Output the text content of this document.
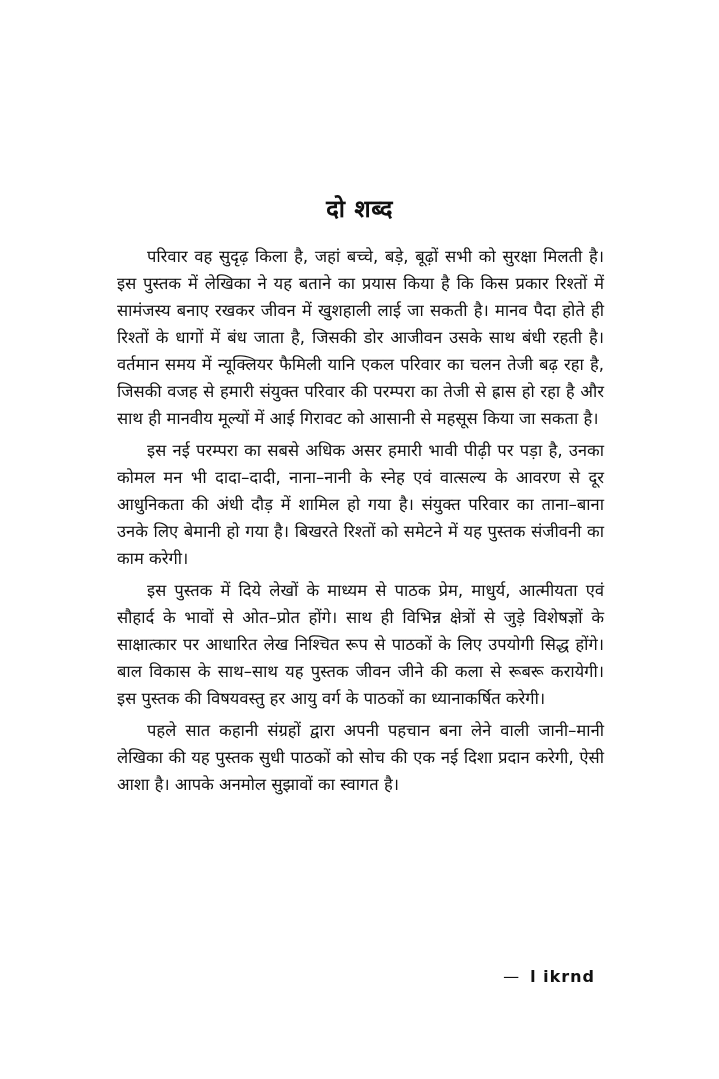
दो शब्द

परिवार वह सुदृढ़ किला है, जहां बच्चे, बड़े, बूढ़ों सभी को सुरक्षा मिलती है। इस पुस्तक में लेखिका ने यह बताने का प्रयास किया है कि किस प्रकार रिश्तों में सामंजस्य बनाए रखकर जीवन में खुशहाली लाई जा सकती है। मानव पैदा होते ही रिश्तों के धागों में बंध जाता है, जिसकी डोर आजीवन उसके साथ बंधी रहती है। वर्तमान समय में न्यूक्लियर फैमिली यानि एकल परिवार का चलन तेजी बढ़ रहा है, जिसकी वजह से हमारी संयुक्त परिवार की परम्परा का तेजी से ह्रास हो रहा है और साथ ही मानवीय मूल्यों में आई गिरावट को आसानी से महसूस किया जा सकता है।

इस नई परम्परा का सबसे अधिक असर हमारी भावी पीढ़ी पर पड़ा है, उनका कोमल मन भी दादा–दादी, नाना–नानी के स्नेह एवं वात्सल्य के आवरण से दूर आधुनिकता की अंधी दौड़ में शामिल हो गया है। संयुक्त परिवार का ताना–बाना उनके लिए बेमानी हो गया है। बिखरते रिश्तों को समेटने में यह पुस्तक संजीवनी का काम करेगी।

इस पुस्तक में दिये लेखों के माध्यम से पाठक प्रेम, माधुर्य, आत्मीयता एवं सौहार्द के भावों से ओत–प्रोत होंगे। साथ ही विभिन्न क्षेत्रों से जुड़े विशेषज्ञों के साक्षात्कार पर आधारित लेख निश्चित रूप से पाठकों के लिए उपयोगी सिद्ध होंगे। बाल विकास के साथ–साथ यह पुस्तक जीवन जीने की कला से रूबरू करायेगी। इस पुस्तक की विषयवस्तु हर आयु वर्ग के पाठकों का ध्यानाकर्षित करेगी।

पहले सात कहानी संग्रहों द्वारा अपनी पहचान बना लेने वाली जानी–मानी लेखिका की यह पुस्तक सुधी पाठकों को सोच की एक नई दिशा प्रदान करेगी, ऐसी आशा है। आपके अनमोल सुझावों का स्वागत है।

— l ikrnd
